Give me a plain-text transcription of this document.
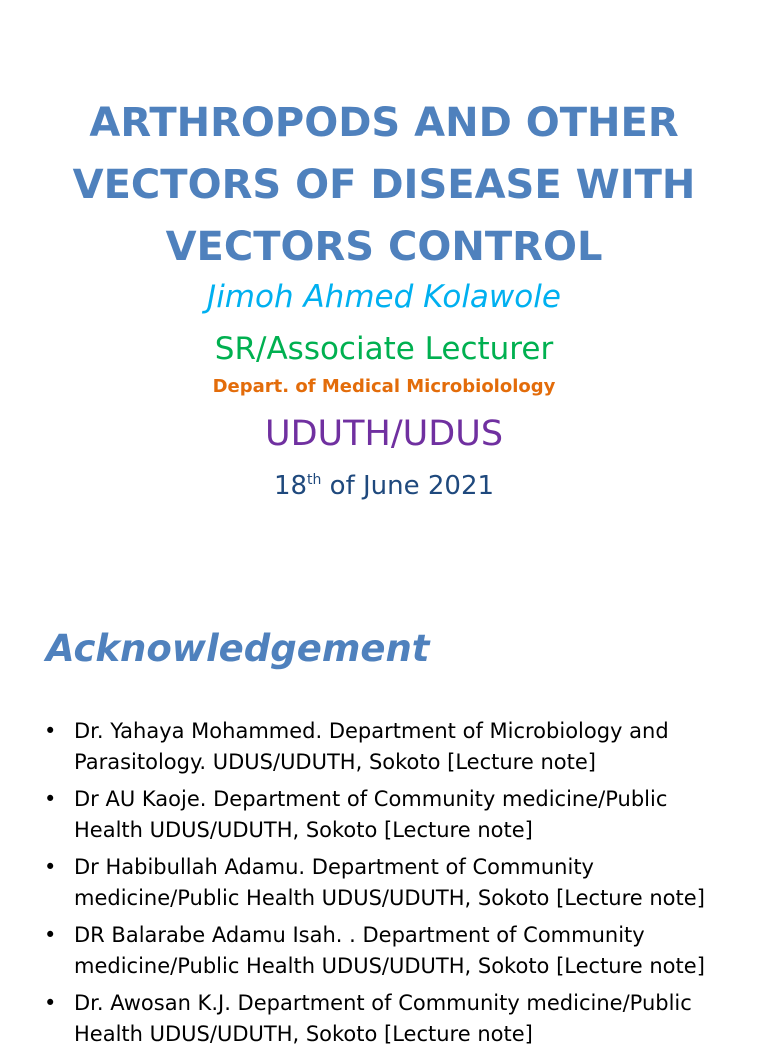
ARTHROPODS AND OTHER
VECTORS OF DISEASE WITH
VECTORS CONTROL
Jimoh Ahmed Kolawole
SR/Associate Lecturer
Depart. of Medical Microbiolology
UDUTH/UDUS
18th of June 2021
Acknowledgement
• Dr. Yahaya Mohammed. Department of Microbiology and Parasitology. UDUS/UDUTH, Sokoto [Lecture note]
• Dr AU Kaoje. Department of Community medicine/Public Health UDUS/UDUTH, Sokoto [Lecture note]
• Dr Habibullah Adamu. Department of Community medicine/Public Health UDUS/UDUTH, Sokoto [Lecture note]
• DR Balarabe Adamu Isah. . Department of Community medicine/Public Health UDUS/UDUTH, Sokoto [Lecture note]
• Dr. Awosan K.J. Department of Community medicine/Public Health UDUS/UDUTH, Sokoto [Lecture note]
